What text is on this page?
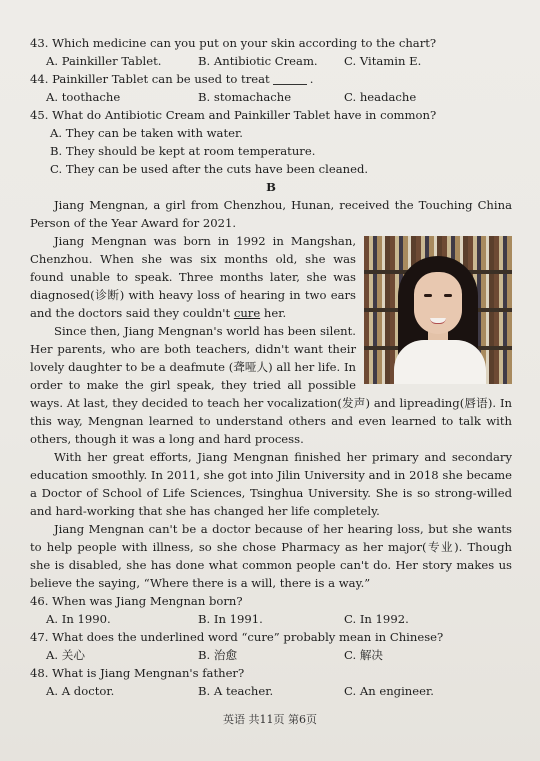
43. Which medicine can you put on your skin according to the chart?

A. Painkiller Tablet.	B. Antibiotic Cream.	C. Vitamin E.

44. Painkiller Tablet can be used to treat	.

A. toothache	B. stomachache	C. headache

45. What do Antibiotic Cream and Painkiller Tablet have in common?

A. They can be taken with water.

B. They should be kept at room temperature.

C. They can be used after the cuts have been cleaned.

B

Jiang Mengnan, a girl from Chenzhou, Hunan, received the Touching China Person of the Year Award for 2021.

Jiang Mengnan was born in 1992 in Mangshan, Chenzhou. When she was six months old, she was found unable to speak. Three months later, she was diagnosed(诊断) with heavy loss of hearing in two ears and the doctors said they couldn't cure her.

Since then, Jiang Mengnan's world has been silent. Her parents, who are both teachers, didn't want their lovely daughter to be a deafmute (聋哑人) all her life. In order to make the girl speak, they tried all possible ways. At last, they decided to teach her vocalization(发声) and lipreading(唇语). In this way, Mengnan learned to understand others and even learned to talk with others, though it was a long and hard process.

With her great efforts, Jiang Mengnan finished her primary and secondary education smoothly. In 2011, she got into Jilin University and in 2018 she became a Doctor of School of Life Sciences, Tsinghua University. She is so strong-willed and hard-working that she has changed her life completely.

Jiang Mengnan can't be a doctor because of her hearing loss, but she wants to help people with illness, so she chose Pharmacy as her major(专业). Though she is disabled, she has done what common people can't do. Her story makes us believe the saying, “Where there is a will, there is a way.”

46. When was Jiang Mengnan born?

A. In 1990.	B. In 1991.	C. In 1992.

47. What does the underlined word “cure” probably mean in Chinese?

A. 关心	B. 治愈	C. 解决

48. What is Jiang Mengnan's father?

A. A doctor.	B. A teacher.	C. An engineer.
英语 共11页 第6页
